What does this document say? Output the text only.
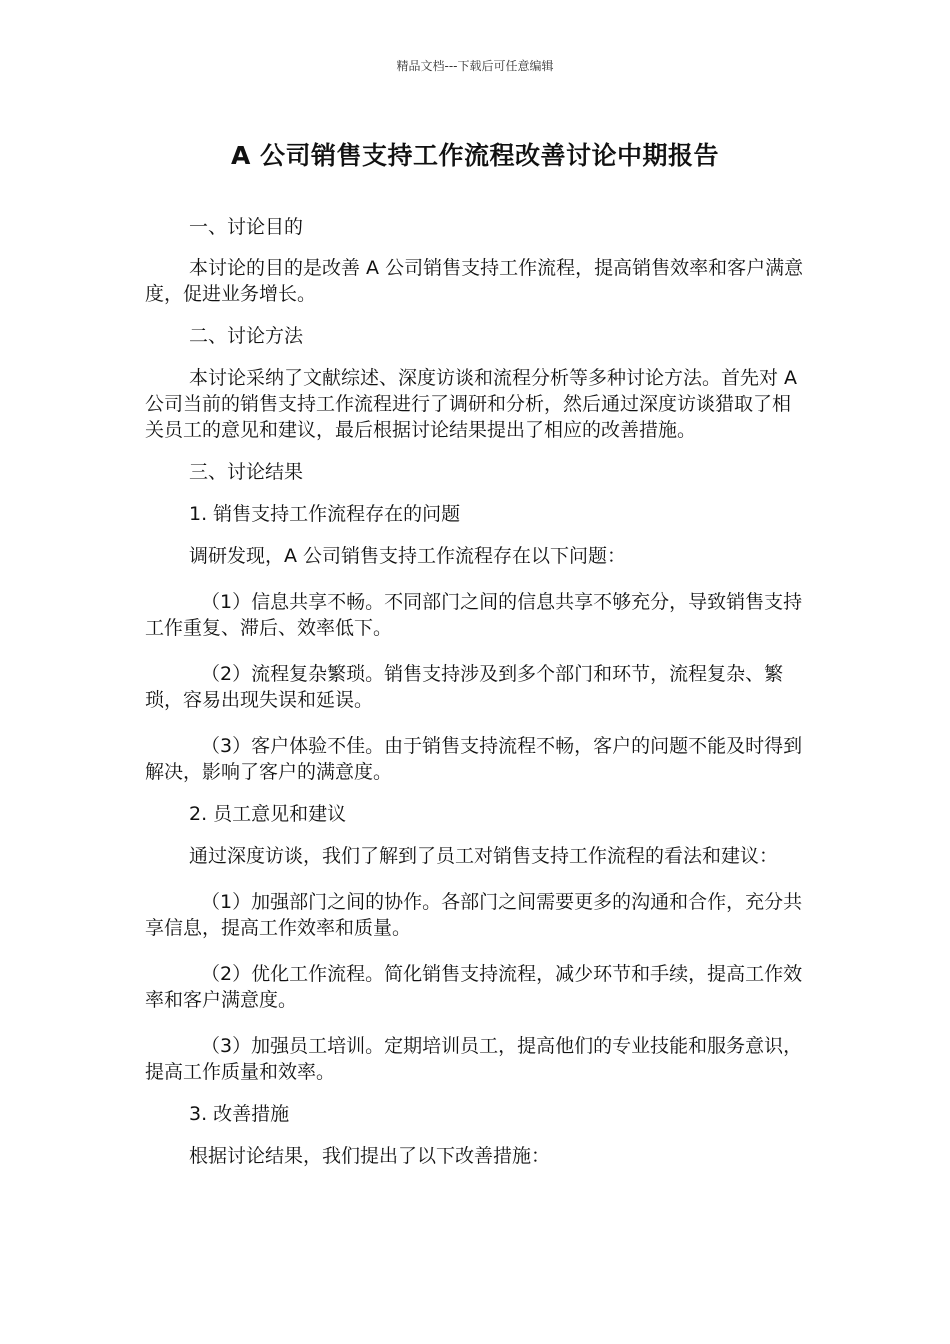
精品文档---下载后可任意编辑
A 公司销售支持工作流程改善讨论中期报告

一、讨论目的

本讨论的目的是改善 A 公司销售支持工作流程，提高销售效率和客户满意度，促进业务增长。

二、讨论方法

本讨论采纳了文献综述、深度访谈和流程分析等多种讨论方法。首先对 A 公司当前的销售支持工作流程进行了调研和分析，然后通过深度访谈猎取了相关员工的意见和建议，最后根据讨论结果提出了相应的改善措施。

三、讨论结果

1. 销售支持工作流程存在的问题

调研发现，A 公司销售支持工作流程存在以下问题：

（1）信息共享不畅。不同部门之间的信息共享不够充分，导致销售支持工作重复、滞后、效率低下。

（2）流程复杂繁琐。销售支持涉及到多个部门和环节，流程复杂、繁琐，容易出现失误和延误。

（3）客户体验不佳。由于销售支持流程不畅，客户的问题不能及时得到解决，影响了客户的满意度。

2. 员工意见和建议

通过深度访谈，我们了解到了员工对销售支持工作流程的看法和建议：

（1）加强部门之间的协作。各部门之间需要更多的沟通和合作，充分共享信息，提高工作效率和质量。

（2）优化工作流程。简化销售支持流程，减少环节和手续，提高工作效率和客户满意度。

（3）加强员工培训。定期培训员工，提高他们的专业技能和服务意识，提高工作质量和效率。

3. 改善措施

根据讨论结果，我们提出了以下改善措施：
